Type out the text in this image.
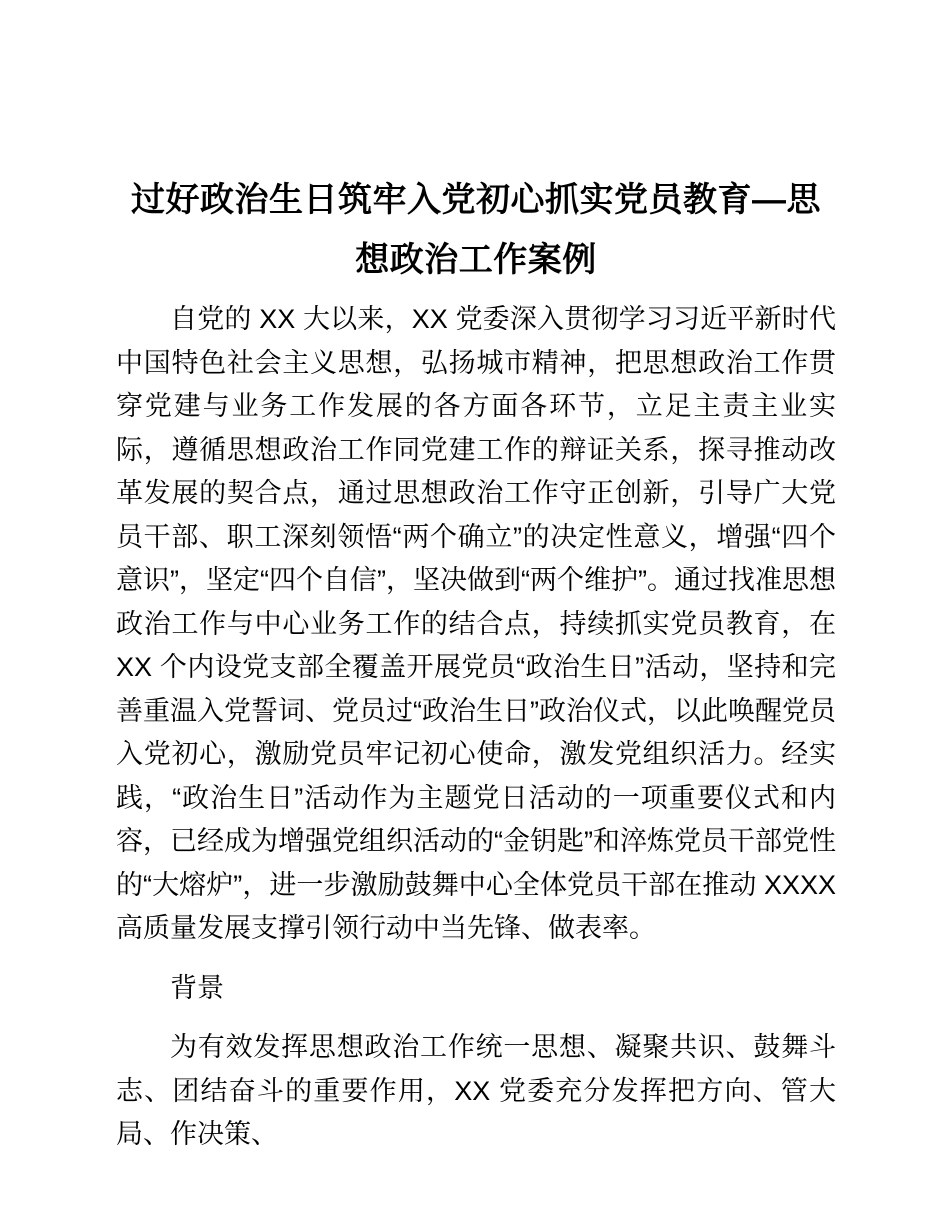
过好政治生日筑牢入党初心抓实党员教育—思想政治工作案例

自党的 XX 大以来，XX 党委深入贯彻学习习近平新时代中国特色社会主义思想，弘扬城市精神，把思想政治工作贯穿党建与业务工作发展的各方面各环节，立足主责主业实际，遵循思想政治工作同党建工作的辩证关系，探寻推动改革发展的契合点，通过思想政治工作守正创新，引导广大党员干部、职工深刻领悟“两个确立”的决定性意义，增强“四个意识”，坚定“四个自信”，坚决做到“两个维护”。通过找准思想政治工作与中心业务工作的结合点，持续抓实党员教育，在 XX 个内设党支部全覆盖开展党员“政治生日”活动，坚持和完善重温入党誓词、党员过“政治生日”政治仪式，以此唤醒党员入党初心，激励党员牢记初心使命，激发党组织活力。经实践，“政治生日”活动作为主题党日活动的一项重要仪式和内容，已经成为增强党组织活动的“金钥匙”和淬炼党员干部党性的“大熔炉”，进一步激励鼓舞中心全体党员干部在推动 XXXX 高质量发展支撑引领行动中当先锋、做表率。

背景

为有效发挥思想政治工作统一思想、凝聚共识、鼓舞斗志、团结奋斗的重要作用，XX 党委充分发挥把方向、管大局、作决策、
